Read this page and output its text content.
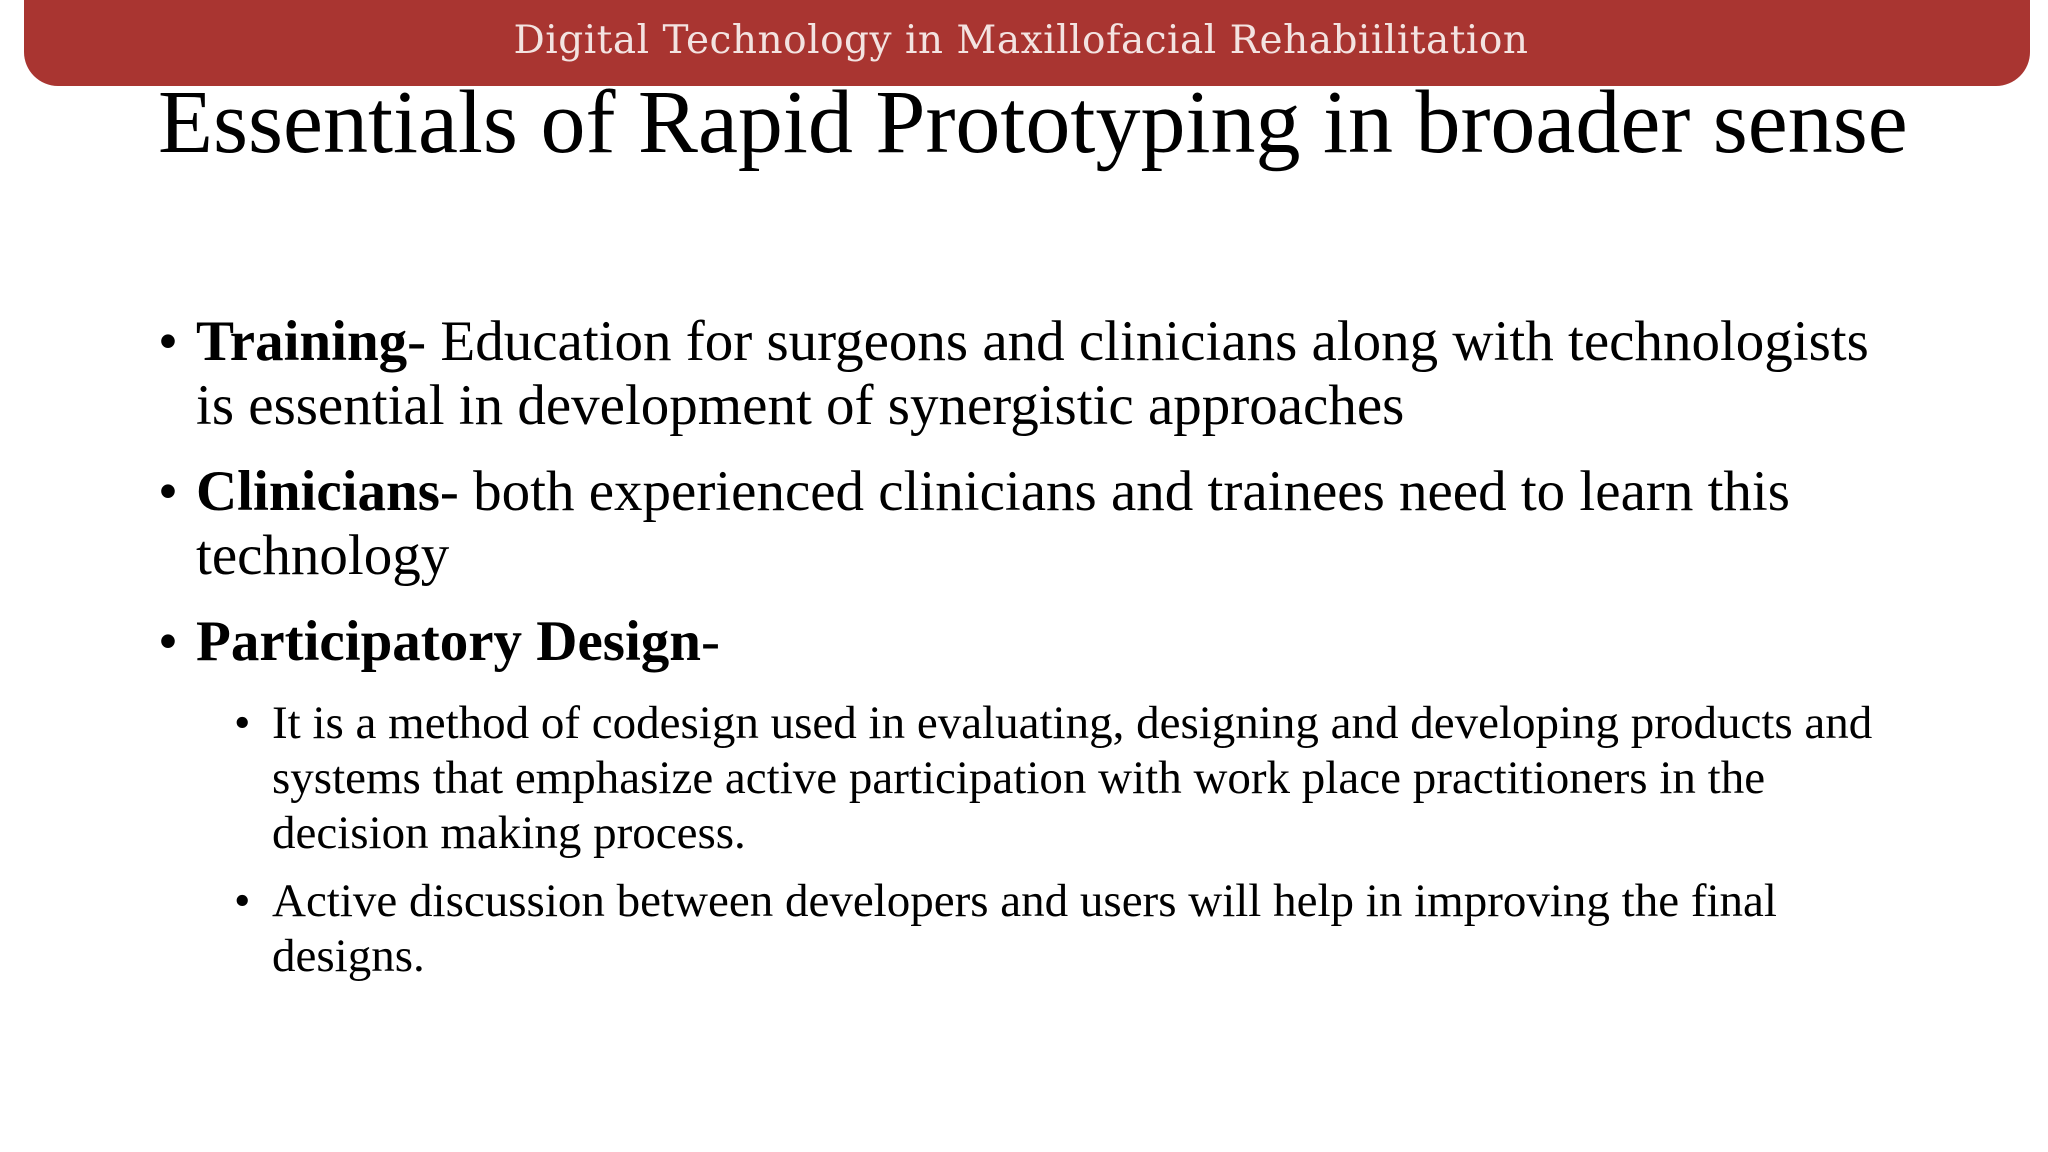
Digital Technology in Maxillofacial Rehabiilitation
Essentials of Rapid Prototyping in broader sense
• Training- Education for surgeons and clinicians along with technologists is essential in development of synergistic approaches
• Clinicians- both experienced clinicians and trainees need to learn this technology
• Participatory Design-
• It is a method of codesign used in evaluating, designing and developing products and systems that emphasize active participation with work place practitioners in the decision making process.
• Active discussion between developers and users will help in improving the final designs.
